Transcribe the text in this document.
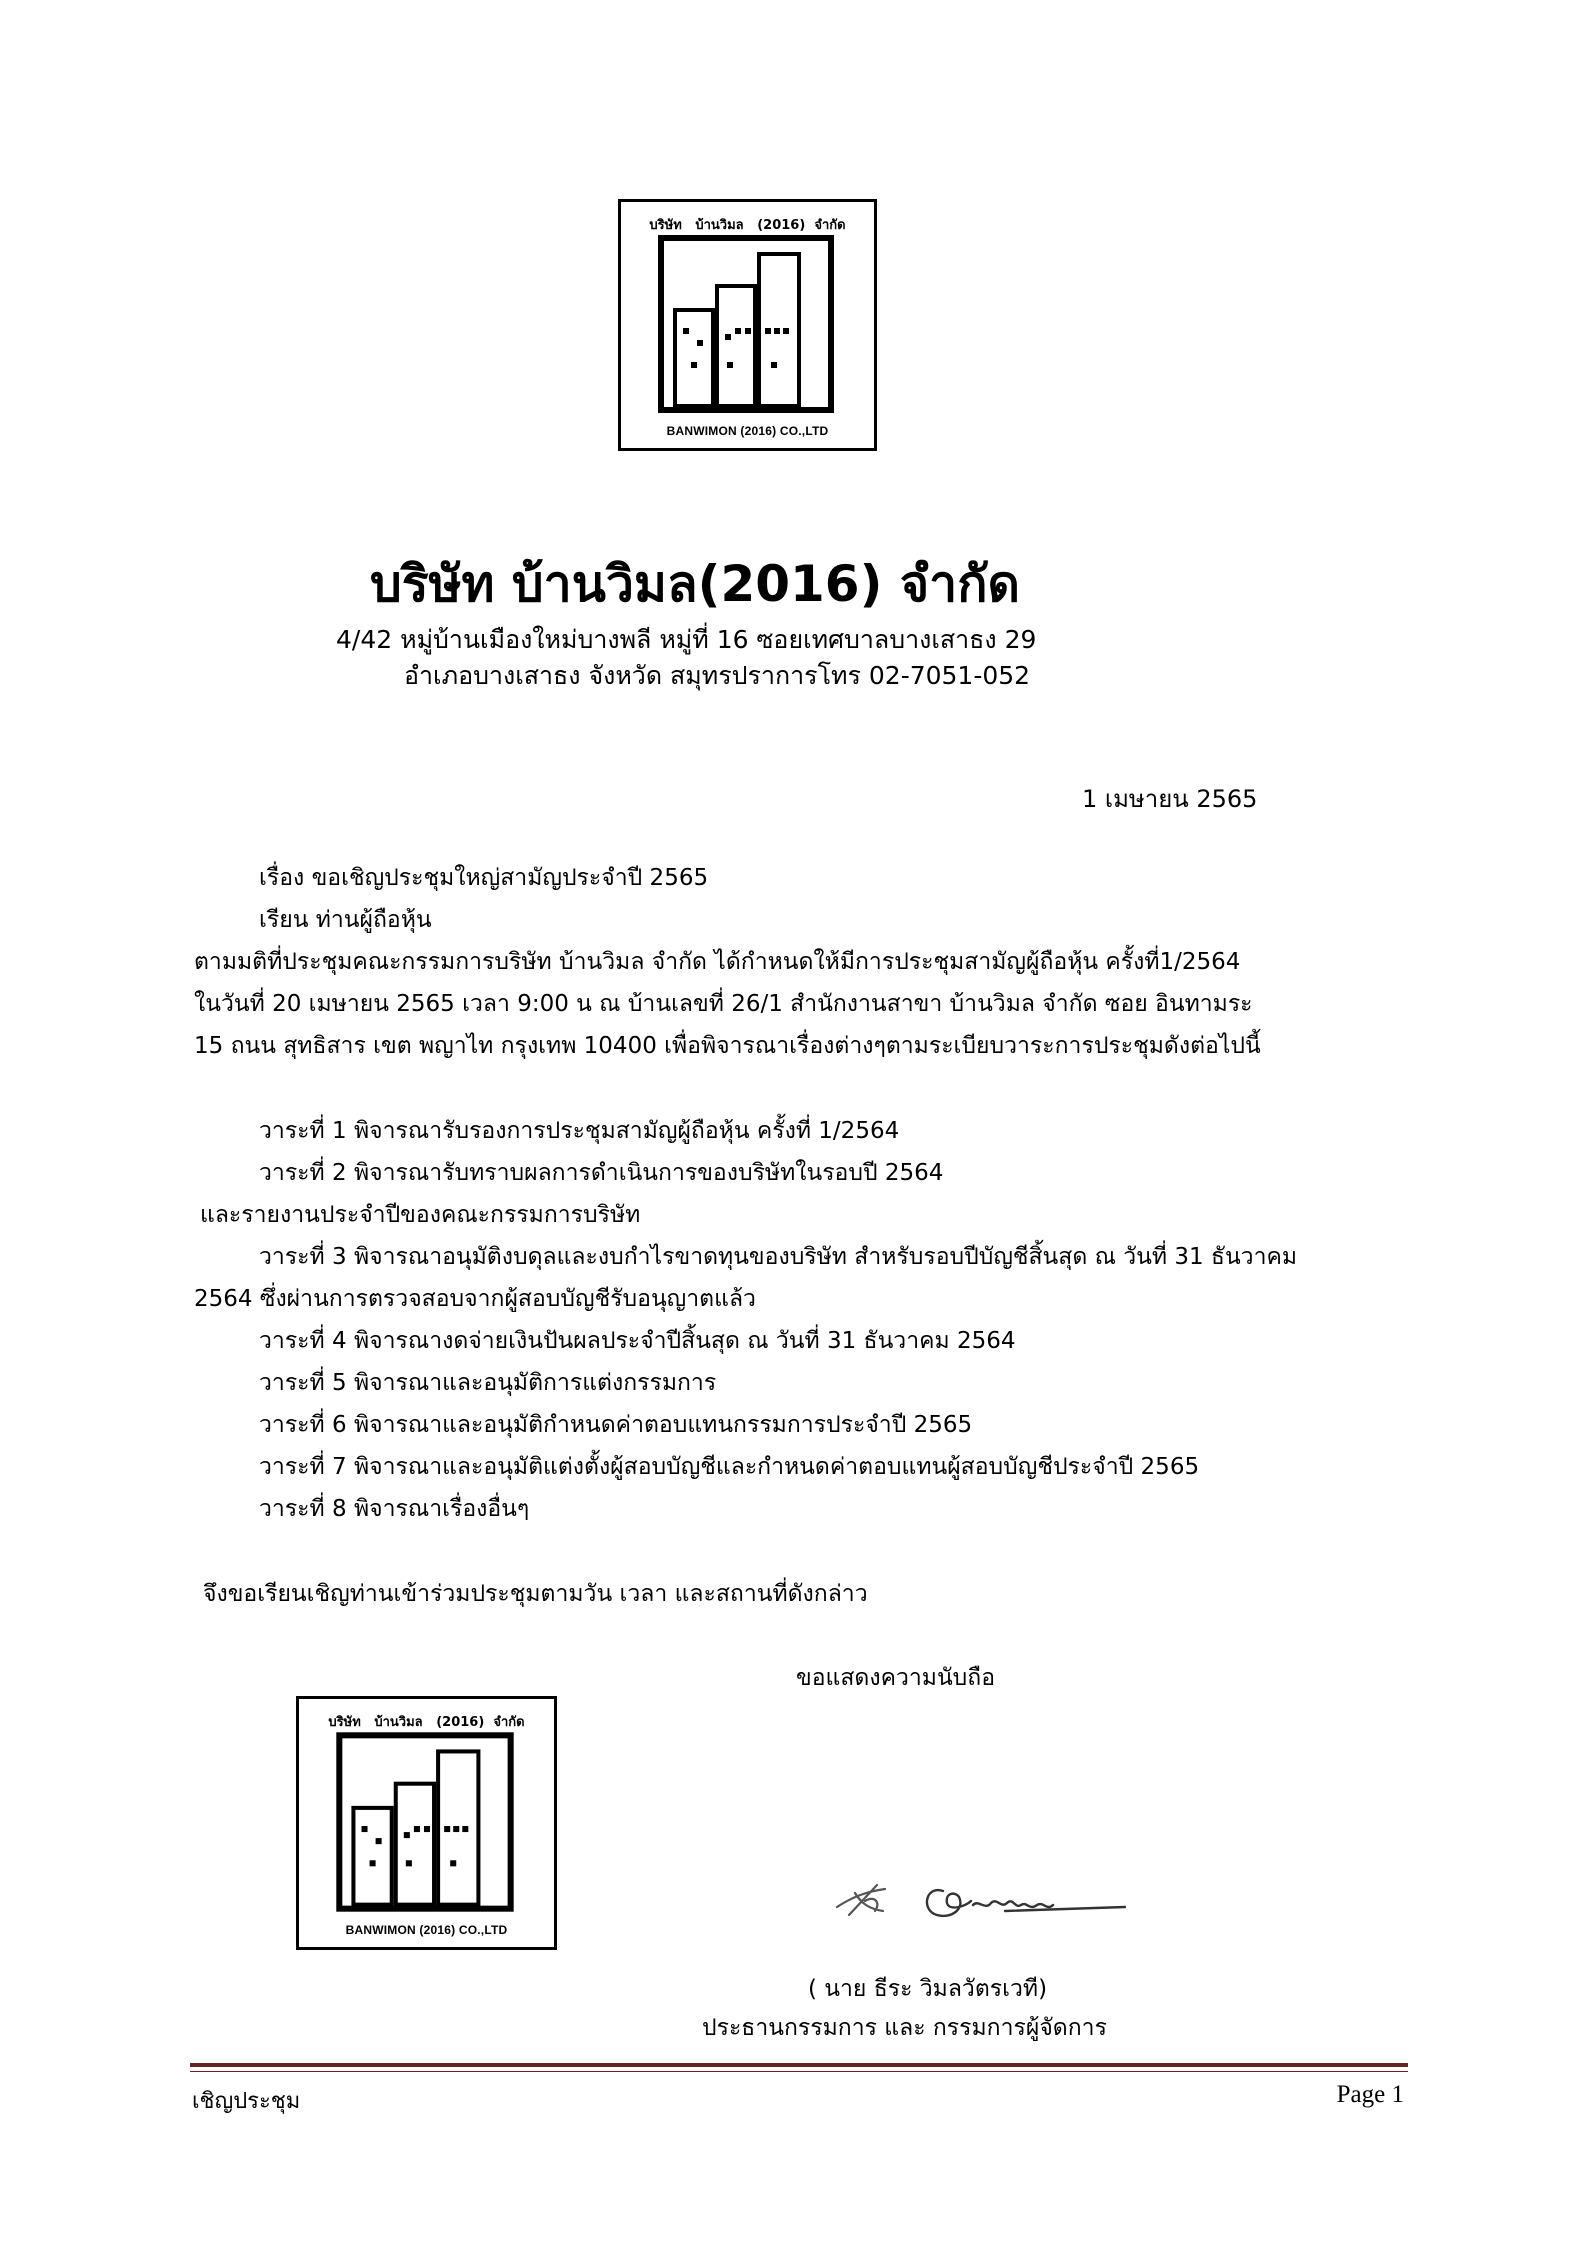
บริษัท   บ้านวิมล   (2016)  จำกัด
BANWIMON (2016) CO.,LTD
บริษัท บ้านวิมล(2016) จำกัด
4/42 หมู่บ้านเมืองใหม่บางพลี หมู่ที่ 16 ซอยเทศบาลบางเสาธง 29
อำเภอบางเสาธง จังหวัด สมุทรปราการโทร 02-7051-052
1 เมษายน 2565
เรื่อง ขอเชิญประชุมใหญ่สามัญประจำปี 2565
เรียน ท่านผู้ถือหุ้น
ตามมติที่ประชุมคณะกรรมการบริษัท บ้านวิมล จำกัด ได้กำหนดให้มีการประชุมสามัญผู้ถือหุ้น ครั้งที่1/2564
ในวันที่ 20 เมษายน 2565 เวลา 9:00 น ณ บ้านเลขที่ 26/1 สำนักงานสาขา บ้านวิมล จำกัด ซอย อินทามระ
15 ถนน สุทธิสาร เขต พญาไท กรุงเทพ 10400 เพื่อพิจารณาเรื่องต่างๆตามระเบียบวาระการประชุมดังต่อไปนี้
วาระที่ 1 พิจารณารับรองการประชุมสามัญผู้ถือหุ้น ครั้งที่ 1/2564
วาระที่ 2 พิจารณารับทราบผลการดำเนินการของบริษัทในรอบปี 2564
และรายงานประจำปีของคณะกรรมการบริษัท
วาระที่ 3 พิจารณาอนุมัติงบดุลและงบกำไรขาดทุนของบริษัท สำหรับรอบปีบัญชีสิ้นสุด ณ วันที่ 31 ธันวาคม
2564 ซึ่งผ่านการตรวจสอบจากผู้สอบบัญชีรับอนุญาตแล้ว
วาระที่ 4 พิจารณางดจ่ายเงินปันผลประจำปีสิ้นสุด ณ วันที่ 31 ธันวาคม 2564
วาระที่ 5 พิจารณาและอนุมัติการแต่งกรรมการ
วาระที่ 6 พิจารณาและอนุมัติกำหนดค่าตอบแทนกรรมการประจำปี 2565
วาระที่ 7 พิจารณาและอนุมัติแต่งตั้งผู้สอบบัญชีและกำหนดค่าตอบแทนผู้สอบบัญชีประจำปี 2565
วาระที่ 8 พิจารณาเรื่องอื่นๆ
จึงขอเรียนเชิญท่านเข้าร่วมประชุมตามวัน เวลา และสถานที่ดังกล่าว
ขอแสดงความนับถือ
บริษัท   บ้านวิมล   (2016)  จำกัด
BANWIMON (2016) CO.,LTD
( นาย ธีระ วิมลวัตรเวที)
ประธานกรรมการ และ กรรมการผู้จัดการ
เชิญประชุม	Page 1
